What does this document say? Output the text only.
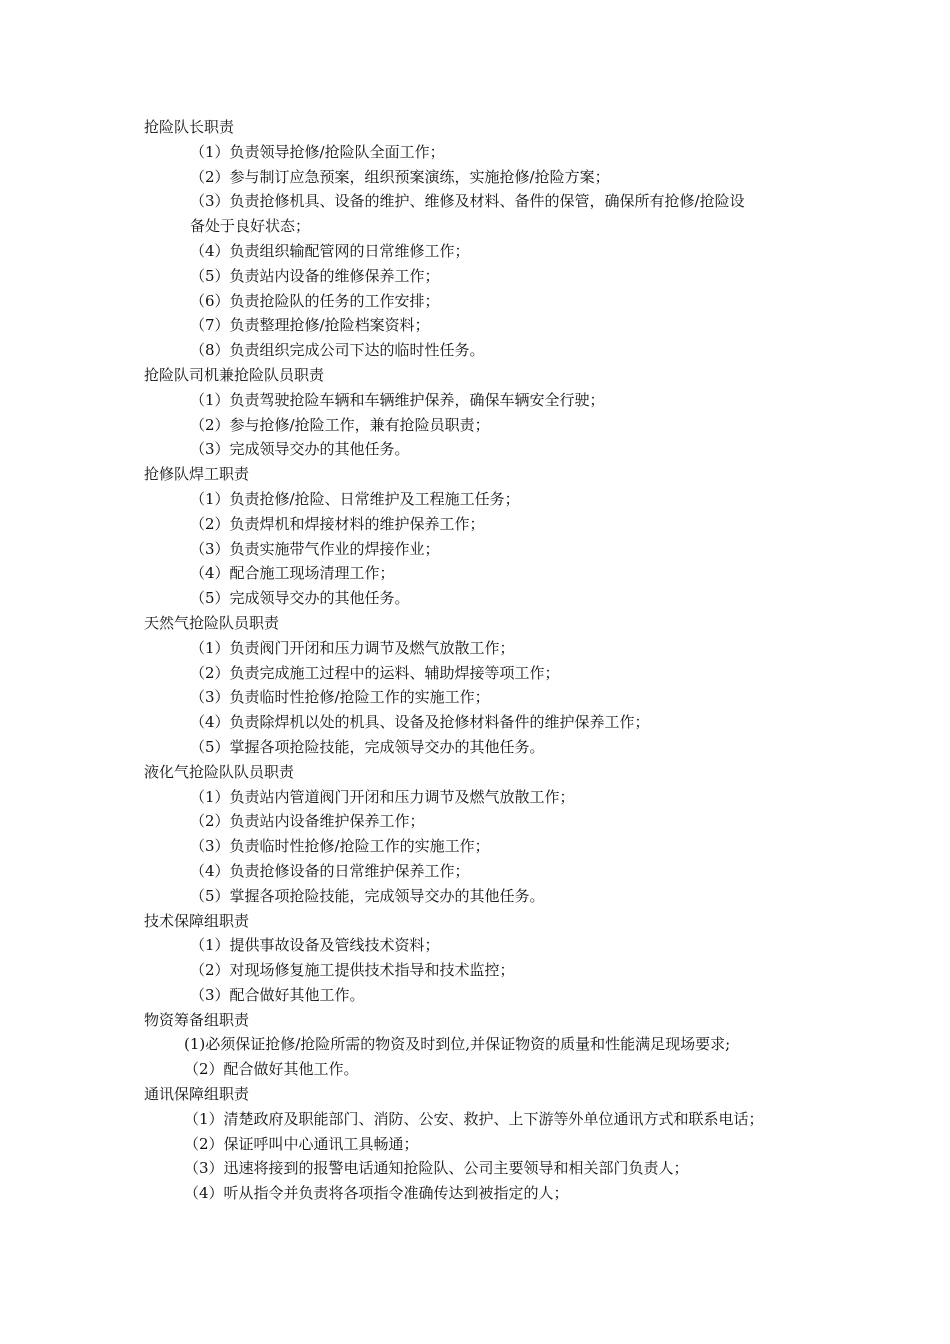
抢险队长职责
（1）负责领导抢修/抢险队全面工作；
（2）参与制订应急预案，组织预案演练，实施抢修/抢险方案；
（3）负责抢修机具、设备的维护、维修及材料、备件的保管，确保所有抢修/抢险设
备处于良好状态；
（4）负责组织输配管网的日常维修工作；
（5）负责站内设备的维修保养工作；
（6）负责抢险队的任务的工作安排；
（7）负责整理抢修/抢险档案资料；
（8）负责组织完成公司下达的临时性任务。
抢险队司机兼抢险队员职责
（1）负责驾驶抢险车辆和车辆维护保养，确保车辆安全行驶；
（2）参与抢修/抢险工作，兼有抢险员职责；
（3）完成领导交办的其他任务。
抢修队焊工职责
（1）负责抢修/抢险、日常维护及工程施工任务；
（2）负责焊机和焊接材料的维护保养工作；
（3）负责实施带气作业的焊接作业；
（4）配合施工现场清理工作；
（5）完成领导交办的其他任务。
天然气抢险队员职责
（1）负责阀门开闭和压力调节及燃气放散工作；
（2）负责完成施工过程中的运料、辅助焊接等项工作；
（3）负责临时性抢修/抢险工作的实施工作；
（4）负责除焊机以处的机具、设备及抢修材料备件的维护保养工作；
（5）掌握各项抢险技能，完成领导交办的其他任务。
液化气抢险队队员职责
（1）负责站内管道阀门开闭和压力调节及燃气放散工作；
（2）负责站内设备维护保养工作；
（3）负责临时性抢修/抢险工作的实施工作；
（4）负责抢修设备的日常维护保养工作；
（5）掌握各项抢险技能，完成领导交办的其他任务。
技术保障组职责
（1）提供事故设备及管线技术资料；
（2）对现场修复施工提供技术指导和技术监控；
（3）配合做好其他工作。
物资筹备组职责
(1)必须保证抢修/抢险所需的物资及时到位,并保证物资的质量和性能满足现场要求;
（2）配合做好其他工作。
通讯保障组职责
（1）清楚政府及职能部门、消防、公安、救护、上下游等外单位通讯方式和联系电话；
（2）保证呼叫中心通讯工具畅通；
（3）迅速将接到的报警电话通知抢险队、公司主要领导和相关部门负责人；
（4）听从指令并负责将各项指令准确传达到被指定的人；
